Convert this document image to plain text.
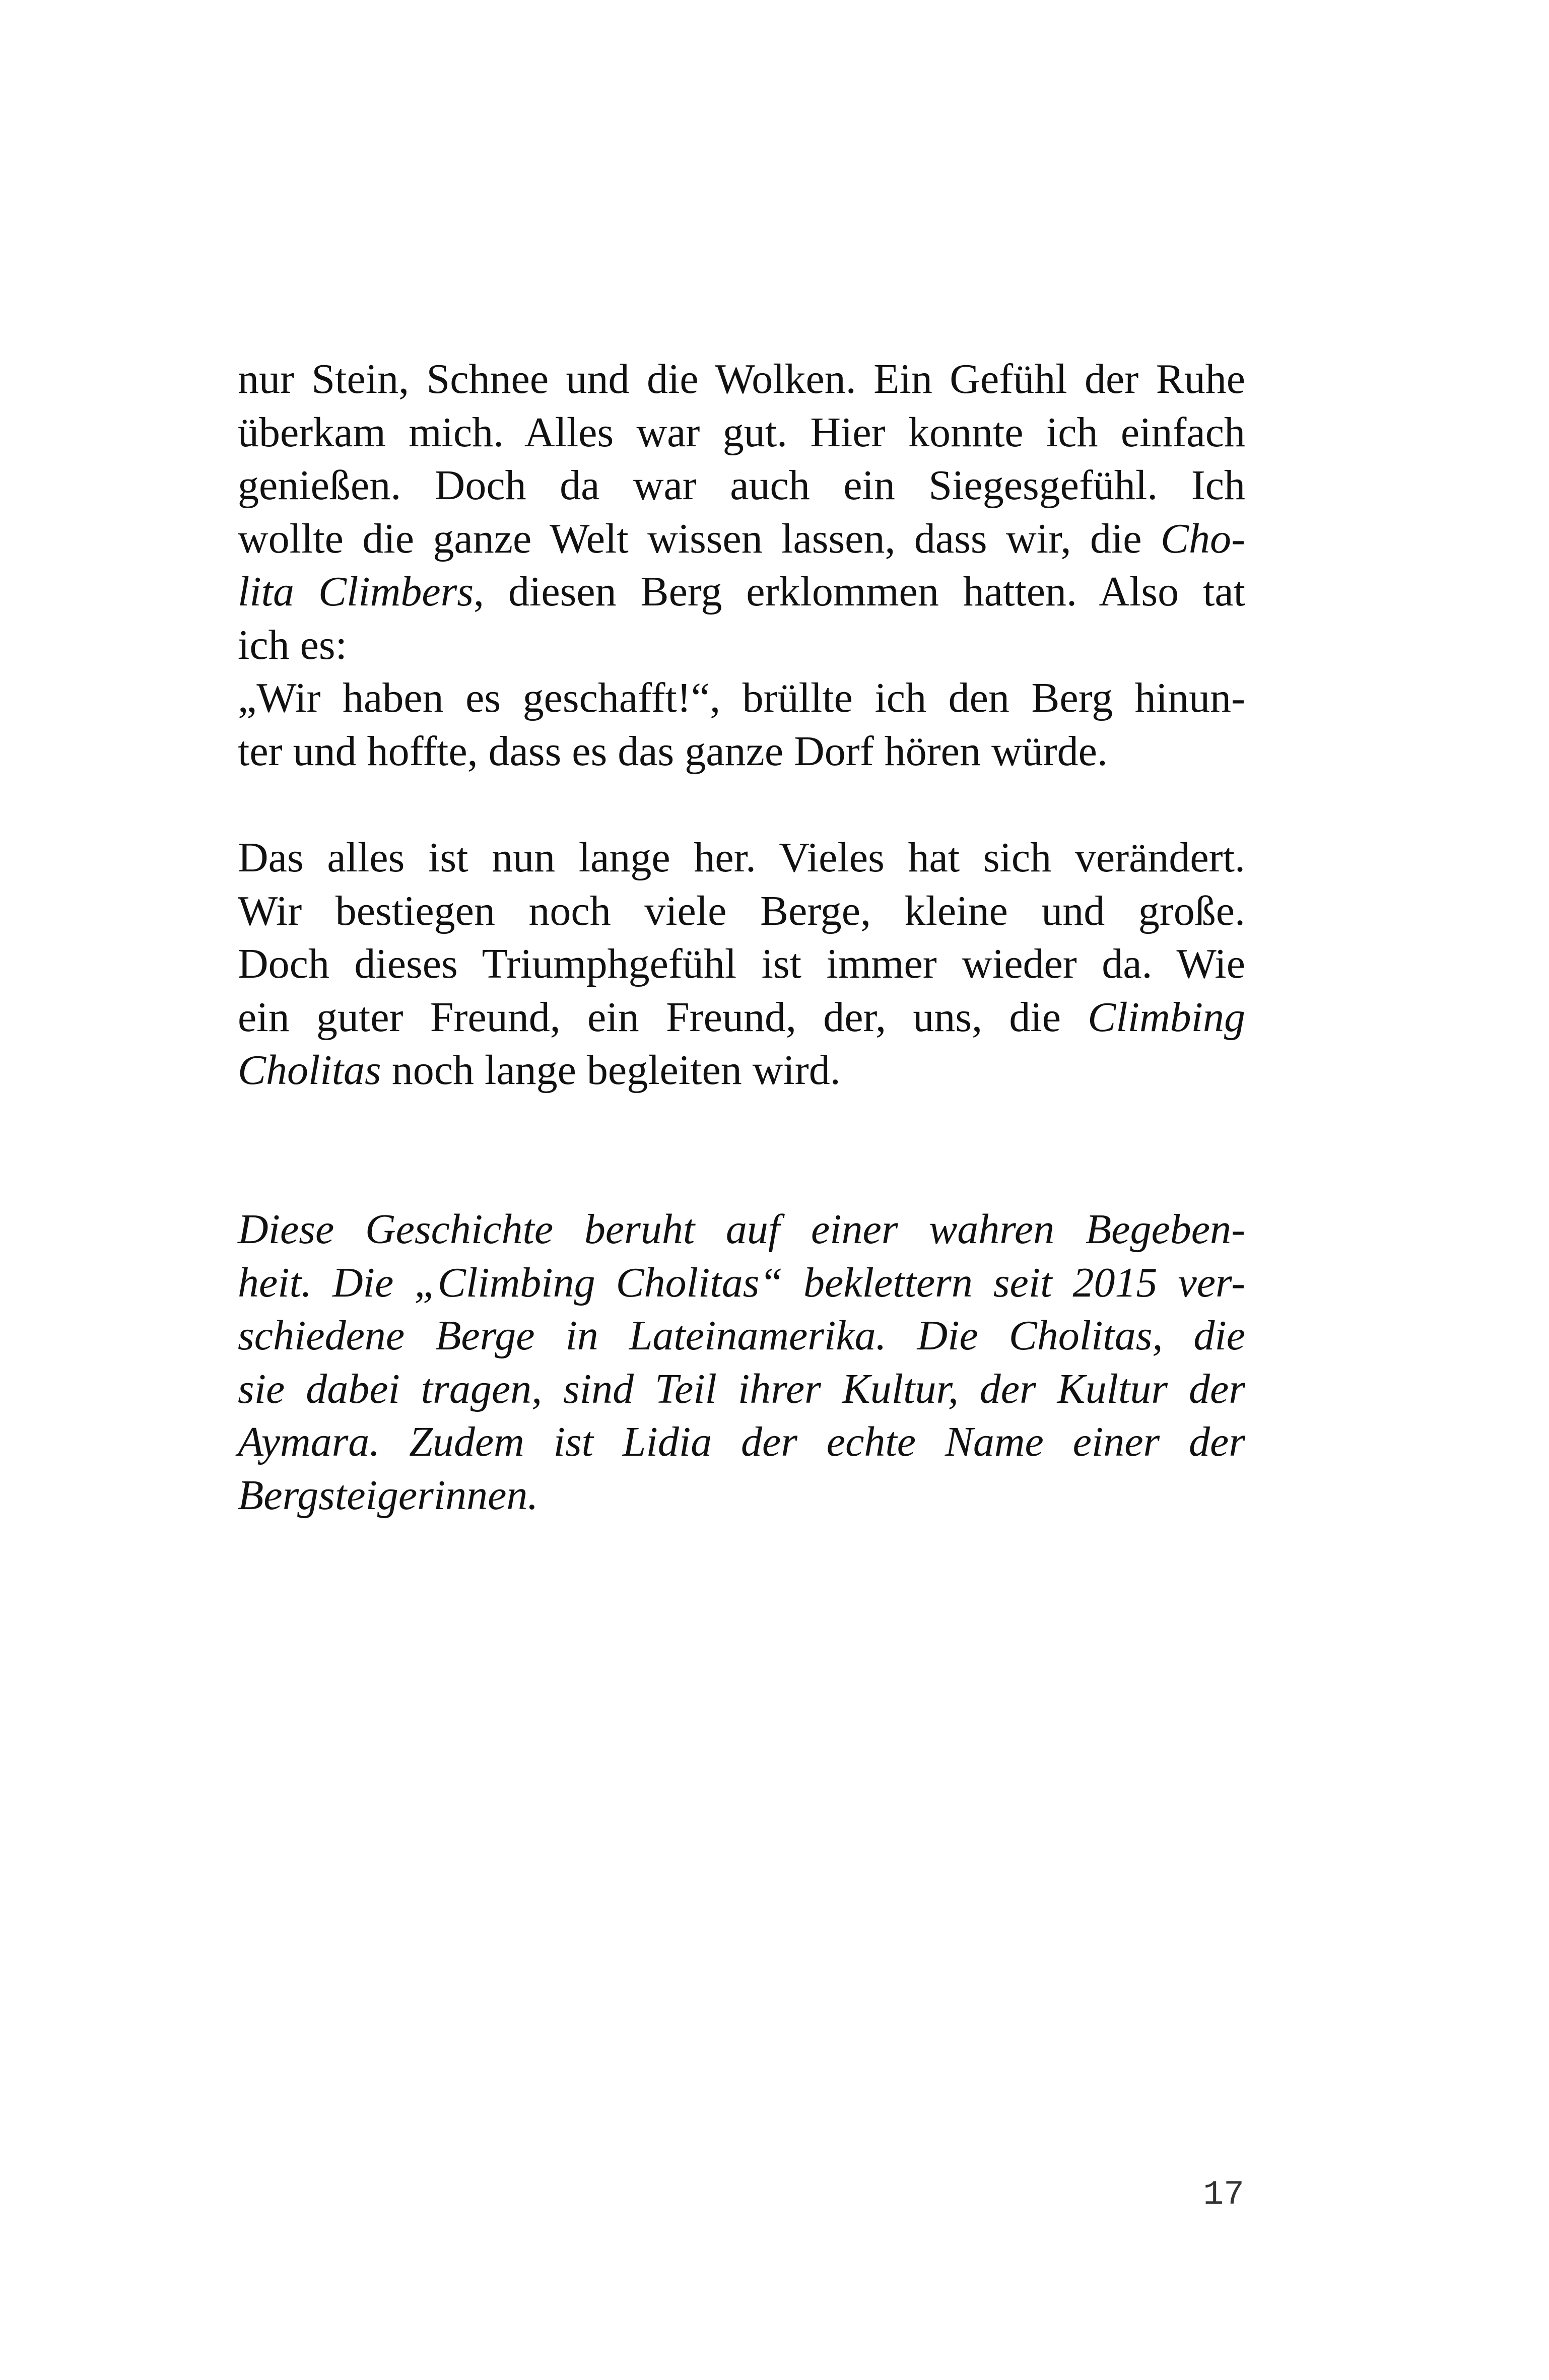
nur Stein, Schnee und die Wolken. Ein Gefühl der Ruhe
überkam mich. Alles war gut. Hier konnte ich einfach
genießen. Doch da war auch ein Siegesgefühl. Ich
wollte die ganze Welt wissen lassen, dass wir, die Cho-
lita Climbers, diesen Berg erklommen hatten. Also tat
ich es:
„Wir haben es geschafft!“, brüllte ich den Berg hinun-
ter und hoffte, dass es das ganze Dorf hören würde.
Das alles ist nun lange her. Vieles hat sich verändert.
Wir bestiegen noch viele Berge, kleine und große.
Doch dieses Triumphgefühl ist immer wieder da. Wie
ein guter Freund, ein Freund, der, uns, die Climbing
Cholitas noch lange begleiten wird.
Diese Geschichte beruht auf einer wahren Begeben-
heit. Die „Climbing Cholitas“ beklettern seit 2015 ver-
schiedene Berge in Lateinamerika. Die Cholitas, die
sie dabei tragen, sind Teil ihrer Kultur, der Kultur der
Aymara. Zudem ist Lidia der echte Name einer der
Bergsteigerinnen.
17
